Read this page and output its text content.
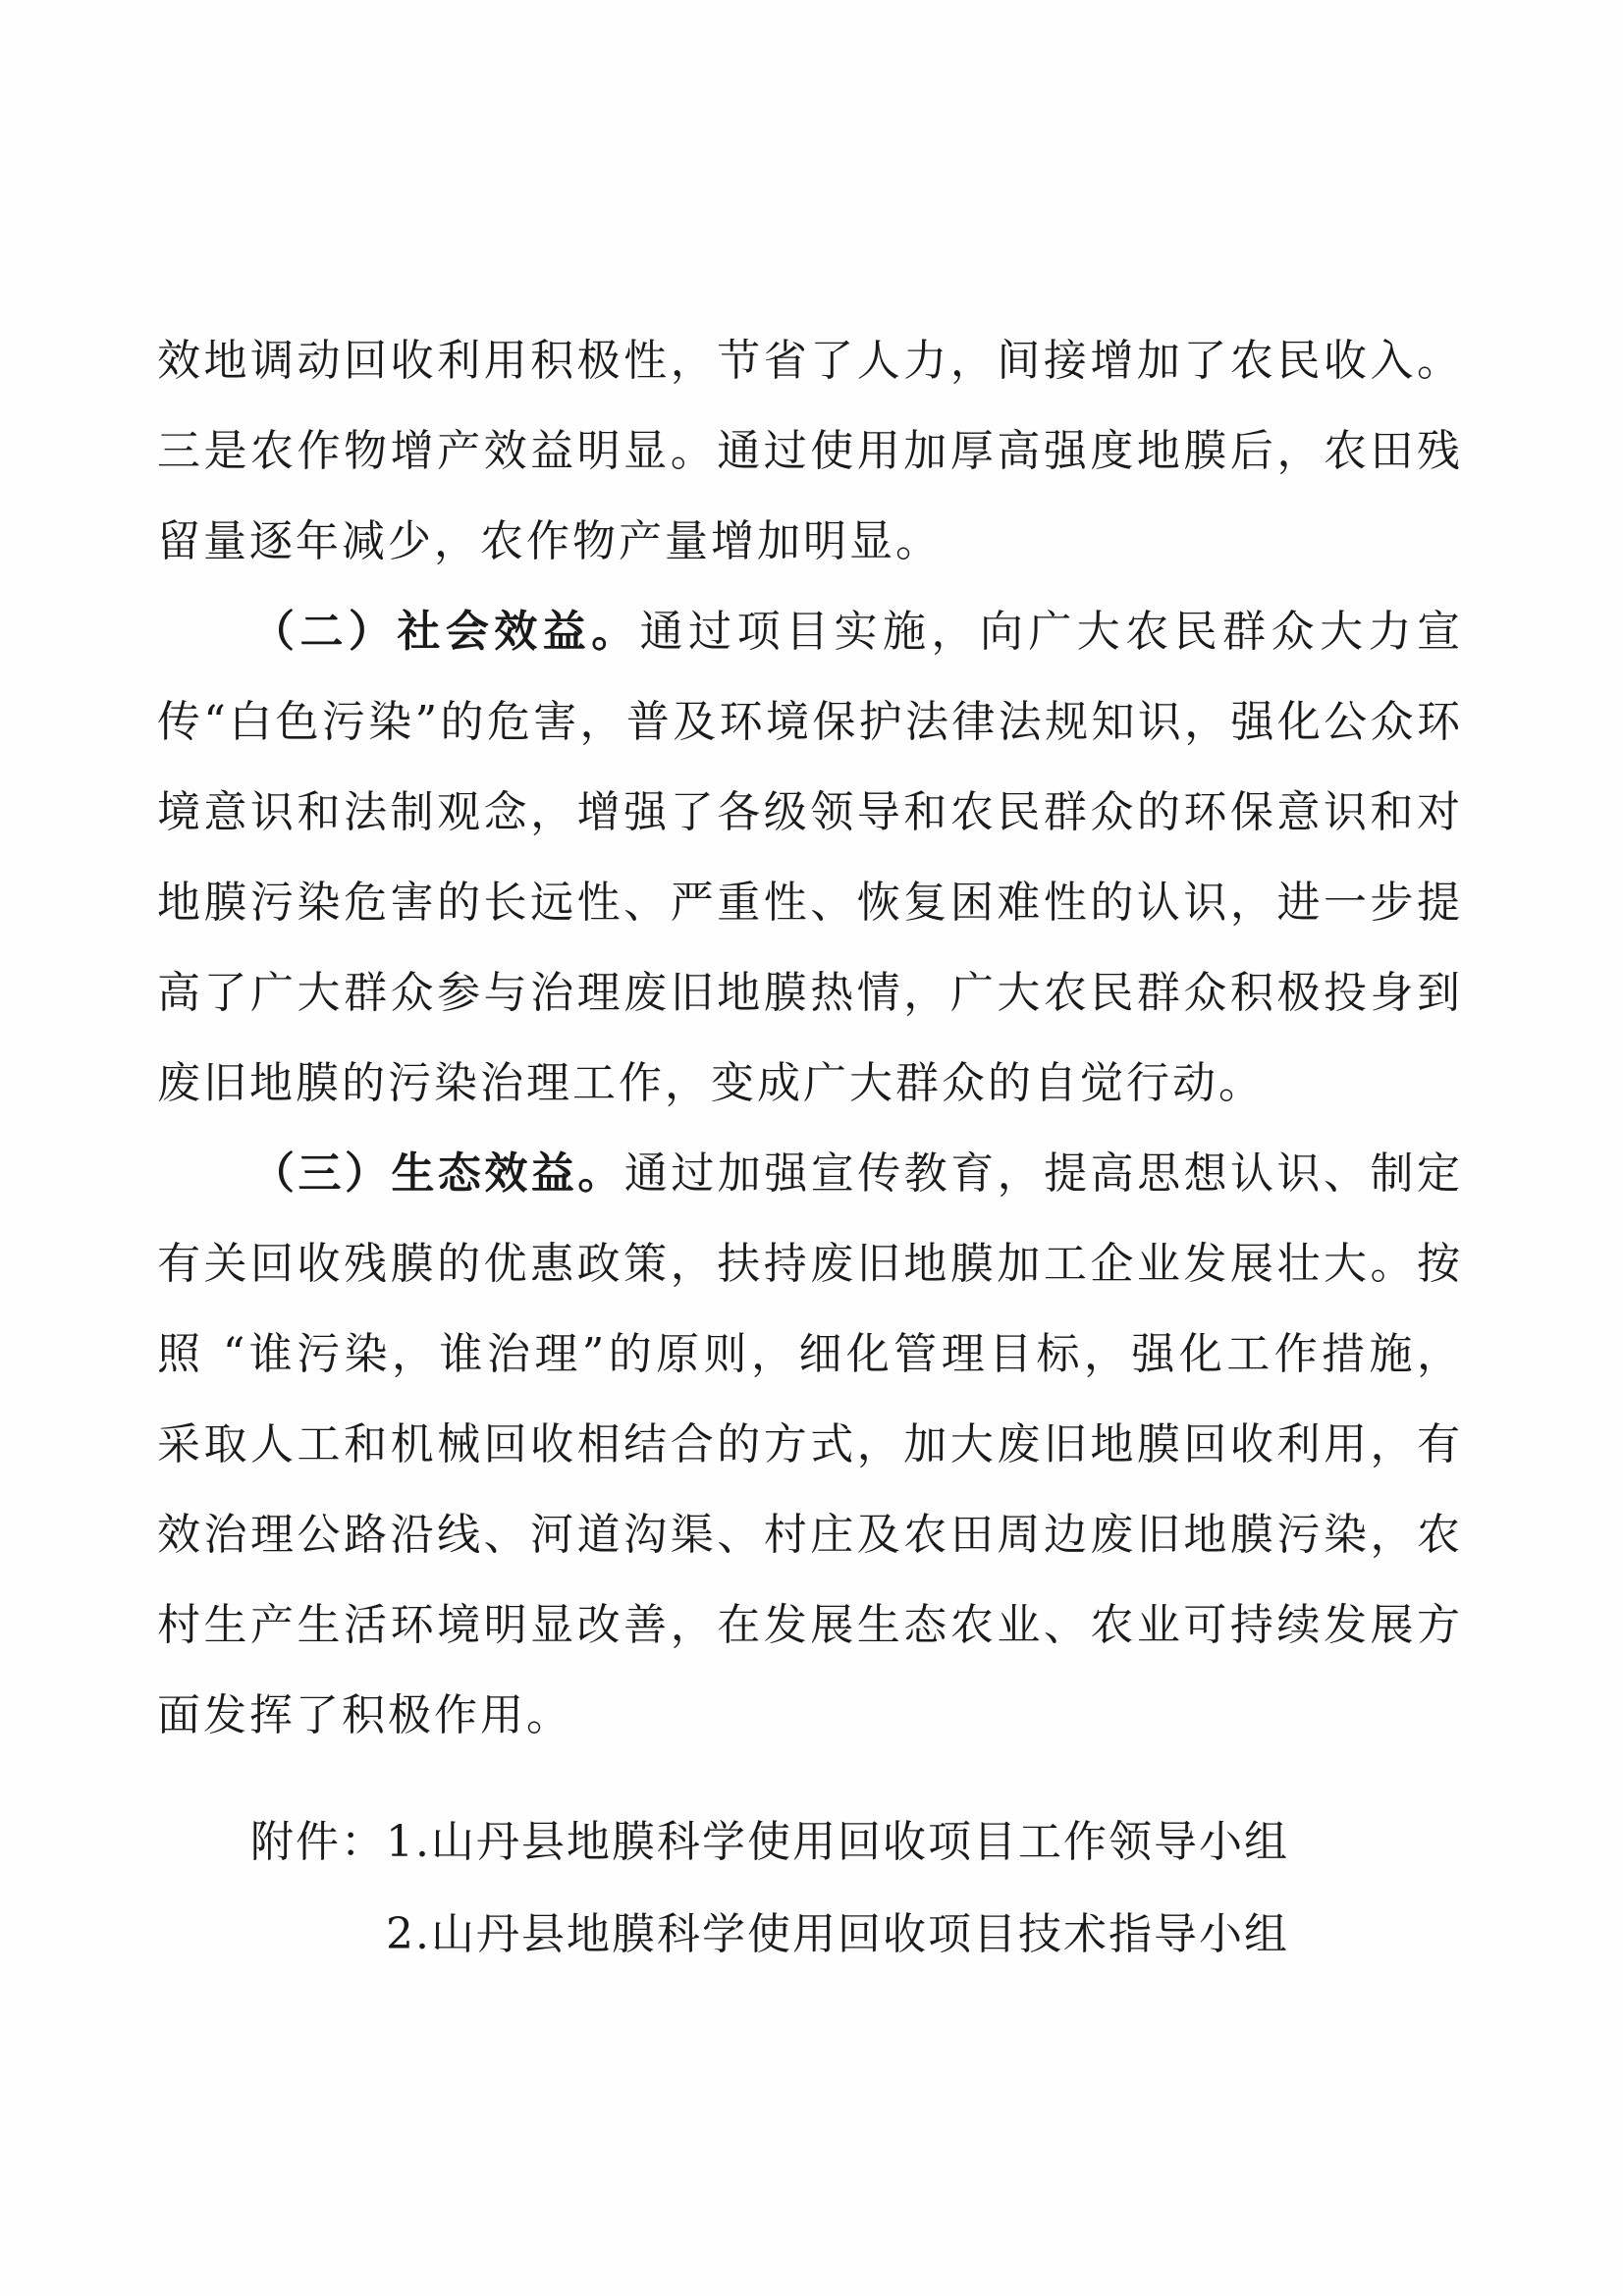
效地调动回收利用积极性，节省了人力，间接增加了农民收入。三是农作物增产效益明显。通过使用加厚高强度地膜后，农田残留量逐年减少，农作物产量增加明显。

（二）社会效益。通过项目实施，向广大农民群众大力宣传“白色污染”的危害，普及环境保护法律法规知识，强化公众环境意识和法制观念，增强了各级领导和农民群众的环保意识和对地膜污染危害的长远性、严重性、恢复困难性的认识，进一步提高了广大群众参与治理废旧地膜热情，广大农民群众积极投身到废旧地膜的污染治理工作，变成广大群众的自觉行动。

（三）生态效益。通过加强宣传教育，提高思想认识、制定有关回收残膜的优惠政策，扶持废旧地膜加工企业发展壮大。按照 “谁污染，谁治理”的原则，细化管理目标，强化工作措施，采取人工和机械回收相结合的方式，加大废旧地膜回收利用，有效治理公路沿线、河道沟渠、村庄及农田周边废旧地膜污染，农村生产生活环境明显改善，在发展生态农业、农业可持续发展方面发挥了积极作用。

附件：1.山丹县地膜科学使用回收项目工作领导小组
2.山丹县地膜科学使用回收项目技术指导小组
